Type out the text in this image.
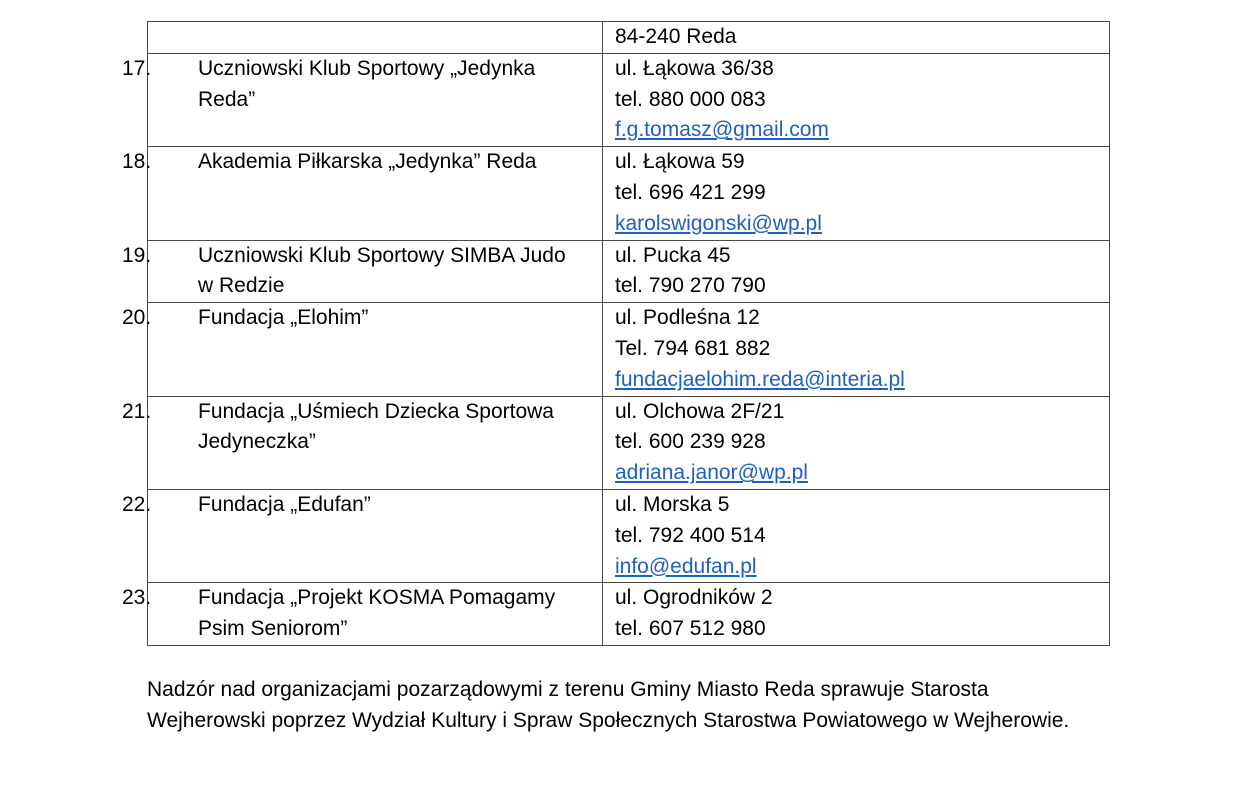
	84-240 Reda

17. Uczniowski Klub Sportowy „Jedynka
Reda”	ul. Łąkowa 36/38
tel. 880 000 083
f.g.tomasz@gmail.com

18. Akademia Piłkarska „Jedynka” Reda	ul. Łąkowa 59
tel. 696 421 299
karolswigonski@wp.pl

19. Uczniowski Klub Sportowy SIMBA Judo
w Redzie	ul. Pucka 45
tel. 790 270 790

20. Fundacja „Elohim”	ul. Podleśna 12
Tel. 794 681 882
fundacjaelohim.reda@interia.pl

21. Fundacja „Uśmiech Dziecka Sportowa
Jedyneczka”	ul. Olchowa 2F/21
tel. 600 239 928
adriana.janor@wp.pl

22. Fundacja „Edufan”	ul. Morska 5
tel. 792 400 514
info@edufan.pl

23. Fundacja „Projekt KOSMA Pomagamy
Psim Seniorom”	ul. Ogrodników 2
tel. 607 512 980

Nadzór nad organizacjami pozarządowymi z terenu Gminy Miasto Reda sprawuje Starosta Wejherowski poprzez Wydział Kultury i Spraw Społecznych Starostwa Powiatowego w Wejherowie.
